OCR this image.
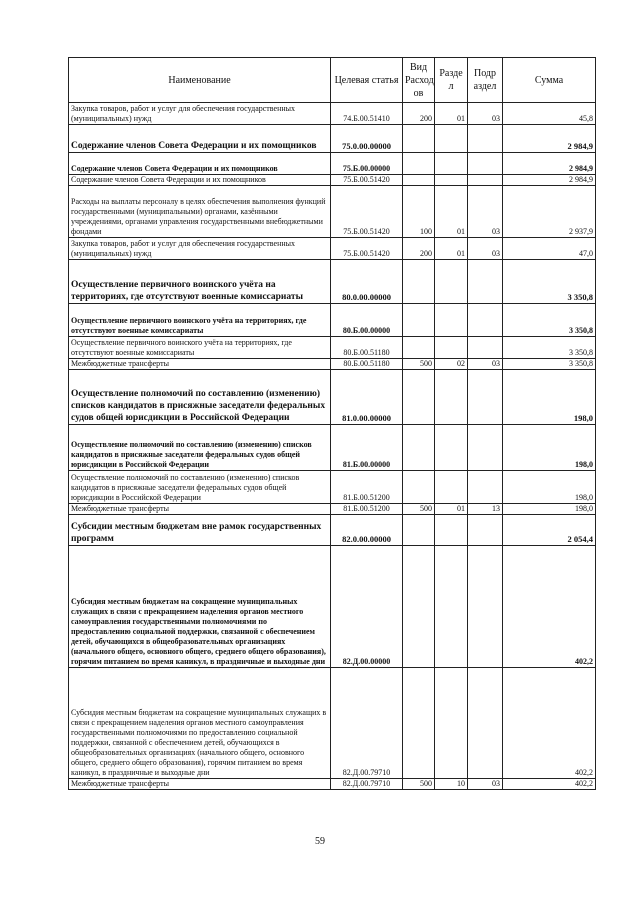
Наименование	Целевая статья	Вид Расход ов	Разде л	Подр аздел	Сумма
Закупка товаров, работ и услуг для обеспечения государственных (муниципальных) нужд	74.Б.00.51410	200	01	03	45,8
Содержание членов Совета Федерации и их помощников	75.0.00.00000				2 984,9
Содержание членов Совета Федерации и их помощников	75.Б.00.00000				2 984,9
Содержание членов Совета Федерации и их помощников	75.Б.00.51420				2 984,9
Расходы на выплаты персоналу в целях обеспечения выполнения функций государственными (муниципальными) органами, казёнными учреждениями, органами управления государственными внебюджетными фондами	75.Б.00.51420	100	01	03	2 937,9
Закупка товаров, работ и услуг для обеспечения государственных (муниципальных) нужд	75.Б.00.51420	200	01	03	47,0
Осуществление первичного воинского учёта на территориях, где отсутствуют военные комиссариаты	80.0.00.00000				3 350,8
Осуществление первичного воинского учёта на территориях, где отсутствуют военные комиссариаты	80.Б.00.00000				3 350,8
Осуществление первичного воинского учёта на территориях, где отсутствуют военные комиссариаты	80.Б.00.51180				3 350,8
Межбюджетные трансферты	80.Б.00.51180	500	02	03	3 350,8
Осуществление полномочий по составлению (изменению) списков кандидатов в присяжные заседатели федеральных судов общей юрисдикции в Российской Федерации	81.0.00.00000				198,0
Осуществление полномочий по составлению (изменению) списков кандидатов в присяжные заседатели федеральных судов общей юрисдикции в Российской Федерации	81.Б.00.00000				198,0
Осуществление полномочий по составлению (изменению) списков кандидатов в присяжные заседатели федеральных судов общей юрисдикции в Российской Федерации	81.Б.00.51200				198,0
Межбюджетные трансферты	81.Б.00.51200	500	01	13	198,0
Субсидии местным бюджетам вне рамок государственных программ	82.0.00.00000				2 054,4
Субсидия местным бюджетам на сокращение муниципальных служащих в связи с прекращением наделения органов местного самоуправления государственными полномочиями по предоставлению социальной поддержки, связанной с обеспечением детей, обучающихся в общеобразовательных организациях (начального общего, основного общего, среднего общего образования), горячим питанием во время каникул, в праздничные и выходные дни	82.Д.00.00000				402,2
Субсидия местным бюджетам на сокращение муниципальных служащих в связи с прекращением наделения органов местного самоуправления государственными полномочиями по предоставлению социальной поддержки, связанной с обеспечением детей, обучающихся в общеобразовательных организациях (начального общего, основного общего, среднего общего образования), горячим питанием во время каникул, в праздничные и выходные дни	82.Д.00.79710				402,2
Межбюджетные трансферты	82.Д.00.79710	500	10	03	402,2
59
